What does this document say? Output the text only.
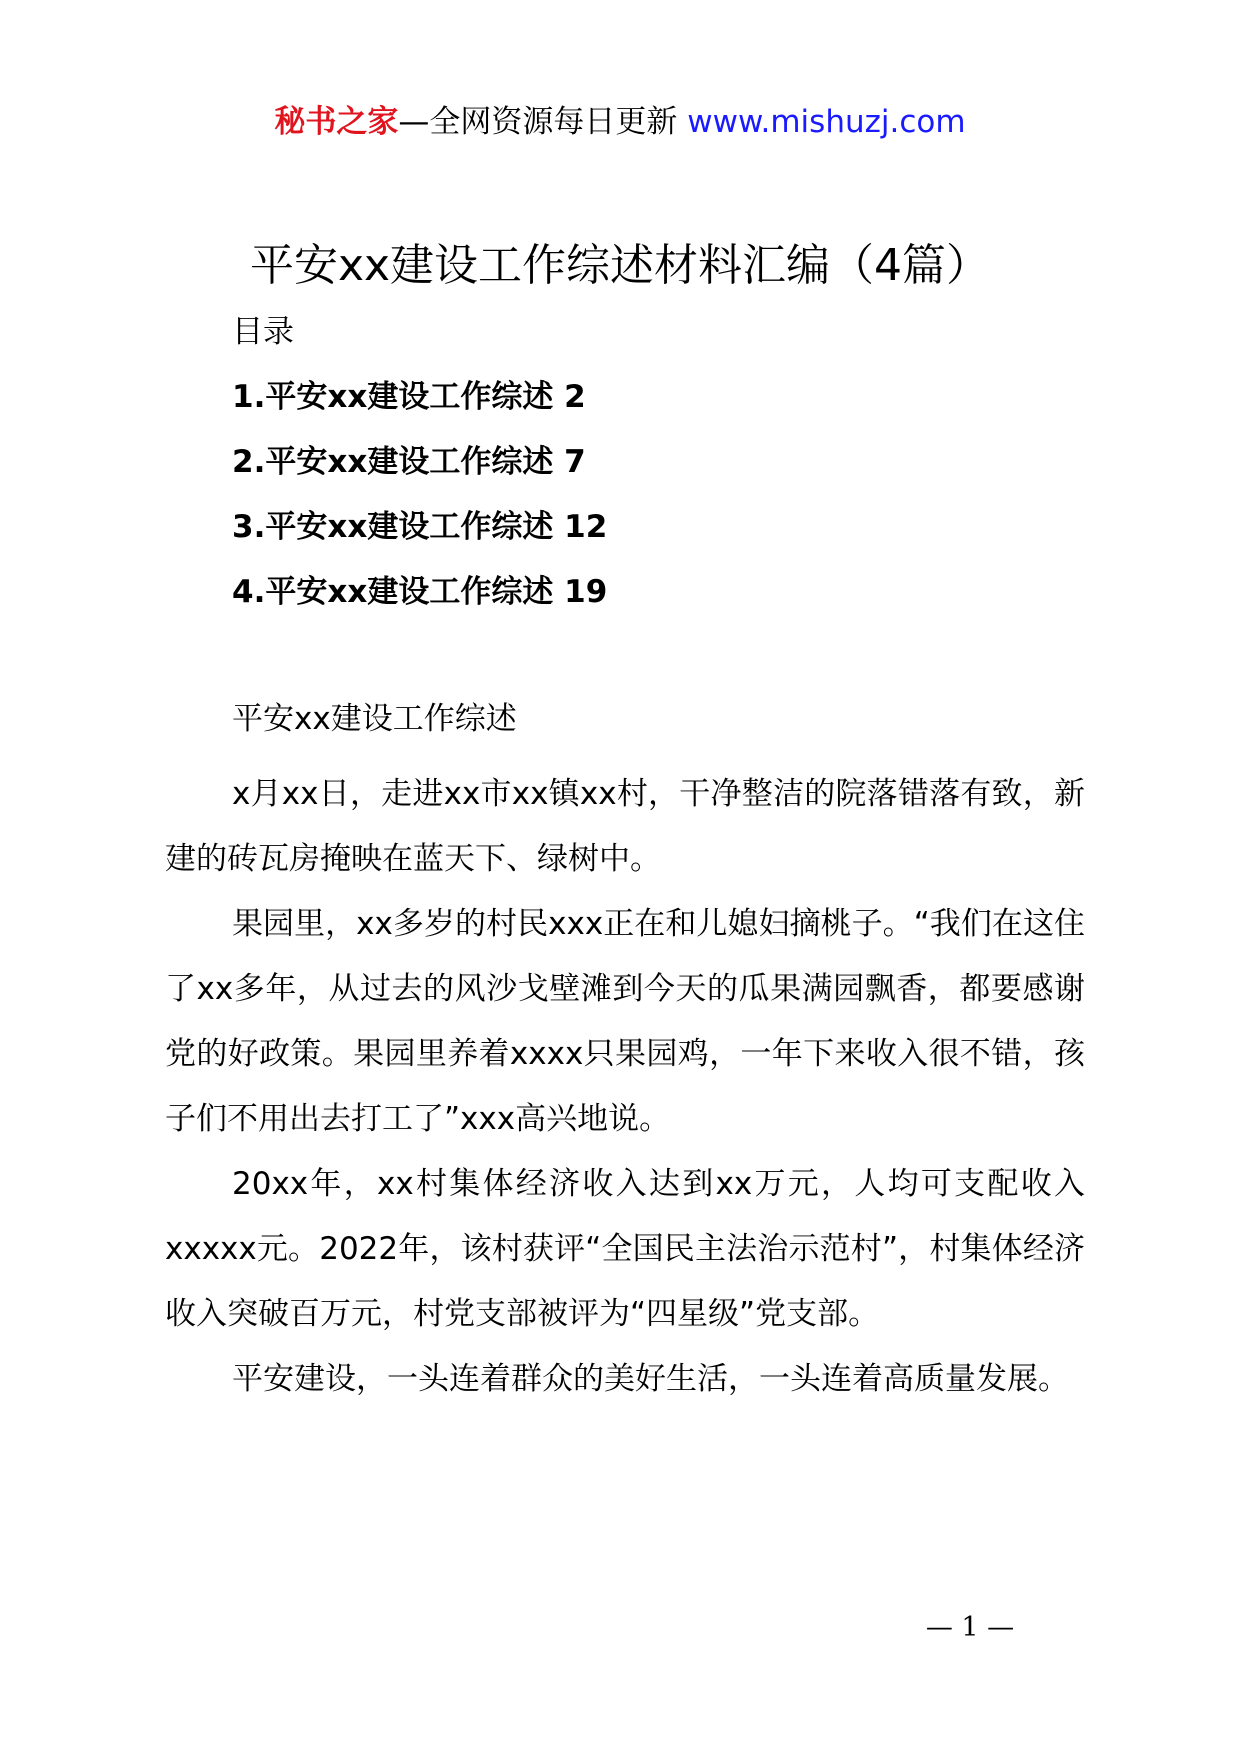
秘书之家—全网资源每日更新 www.mishuzj.com
平安xx建设工作综述材料汇编（4篇）
目录
1.平安xx建设工作综述 2
2.平安xx建设工作综述 7
3.平安xx建设工作综述 12
4.平安xx建设工作综述 19
平安xx建设工作综述

x月xx日，走进xx市xx镇xx村，干净整洁的院落错落有致，新建的砖瓦房掩映在蓝天下、绿树中。

果园里，xx多岁的村民xxx正在和儿媳妇摘桃子。“我们在这住了xx多年，从过去的风沙戈壁滩到今天的瓜果满园飘香，都要感谢党的好政策。果园里养着xxxx只果园鸡，一年下来收入很不错，孩子们不用出去打工了”xxx高兴地说。

20xx年，xx村集体经济收入达到xx万元，人均可支配收入xxxxx元。2022年，该村获评“全国民主法治示范村”，村集体经济收入突破百万元，村党支部被评为“四星级”党支部。

平安建设，一头连着群众的美好生活，一头连着高质量发展。

— 1 —
